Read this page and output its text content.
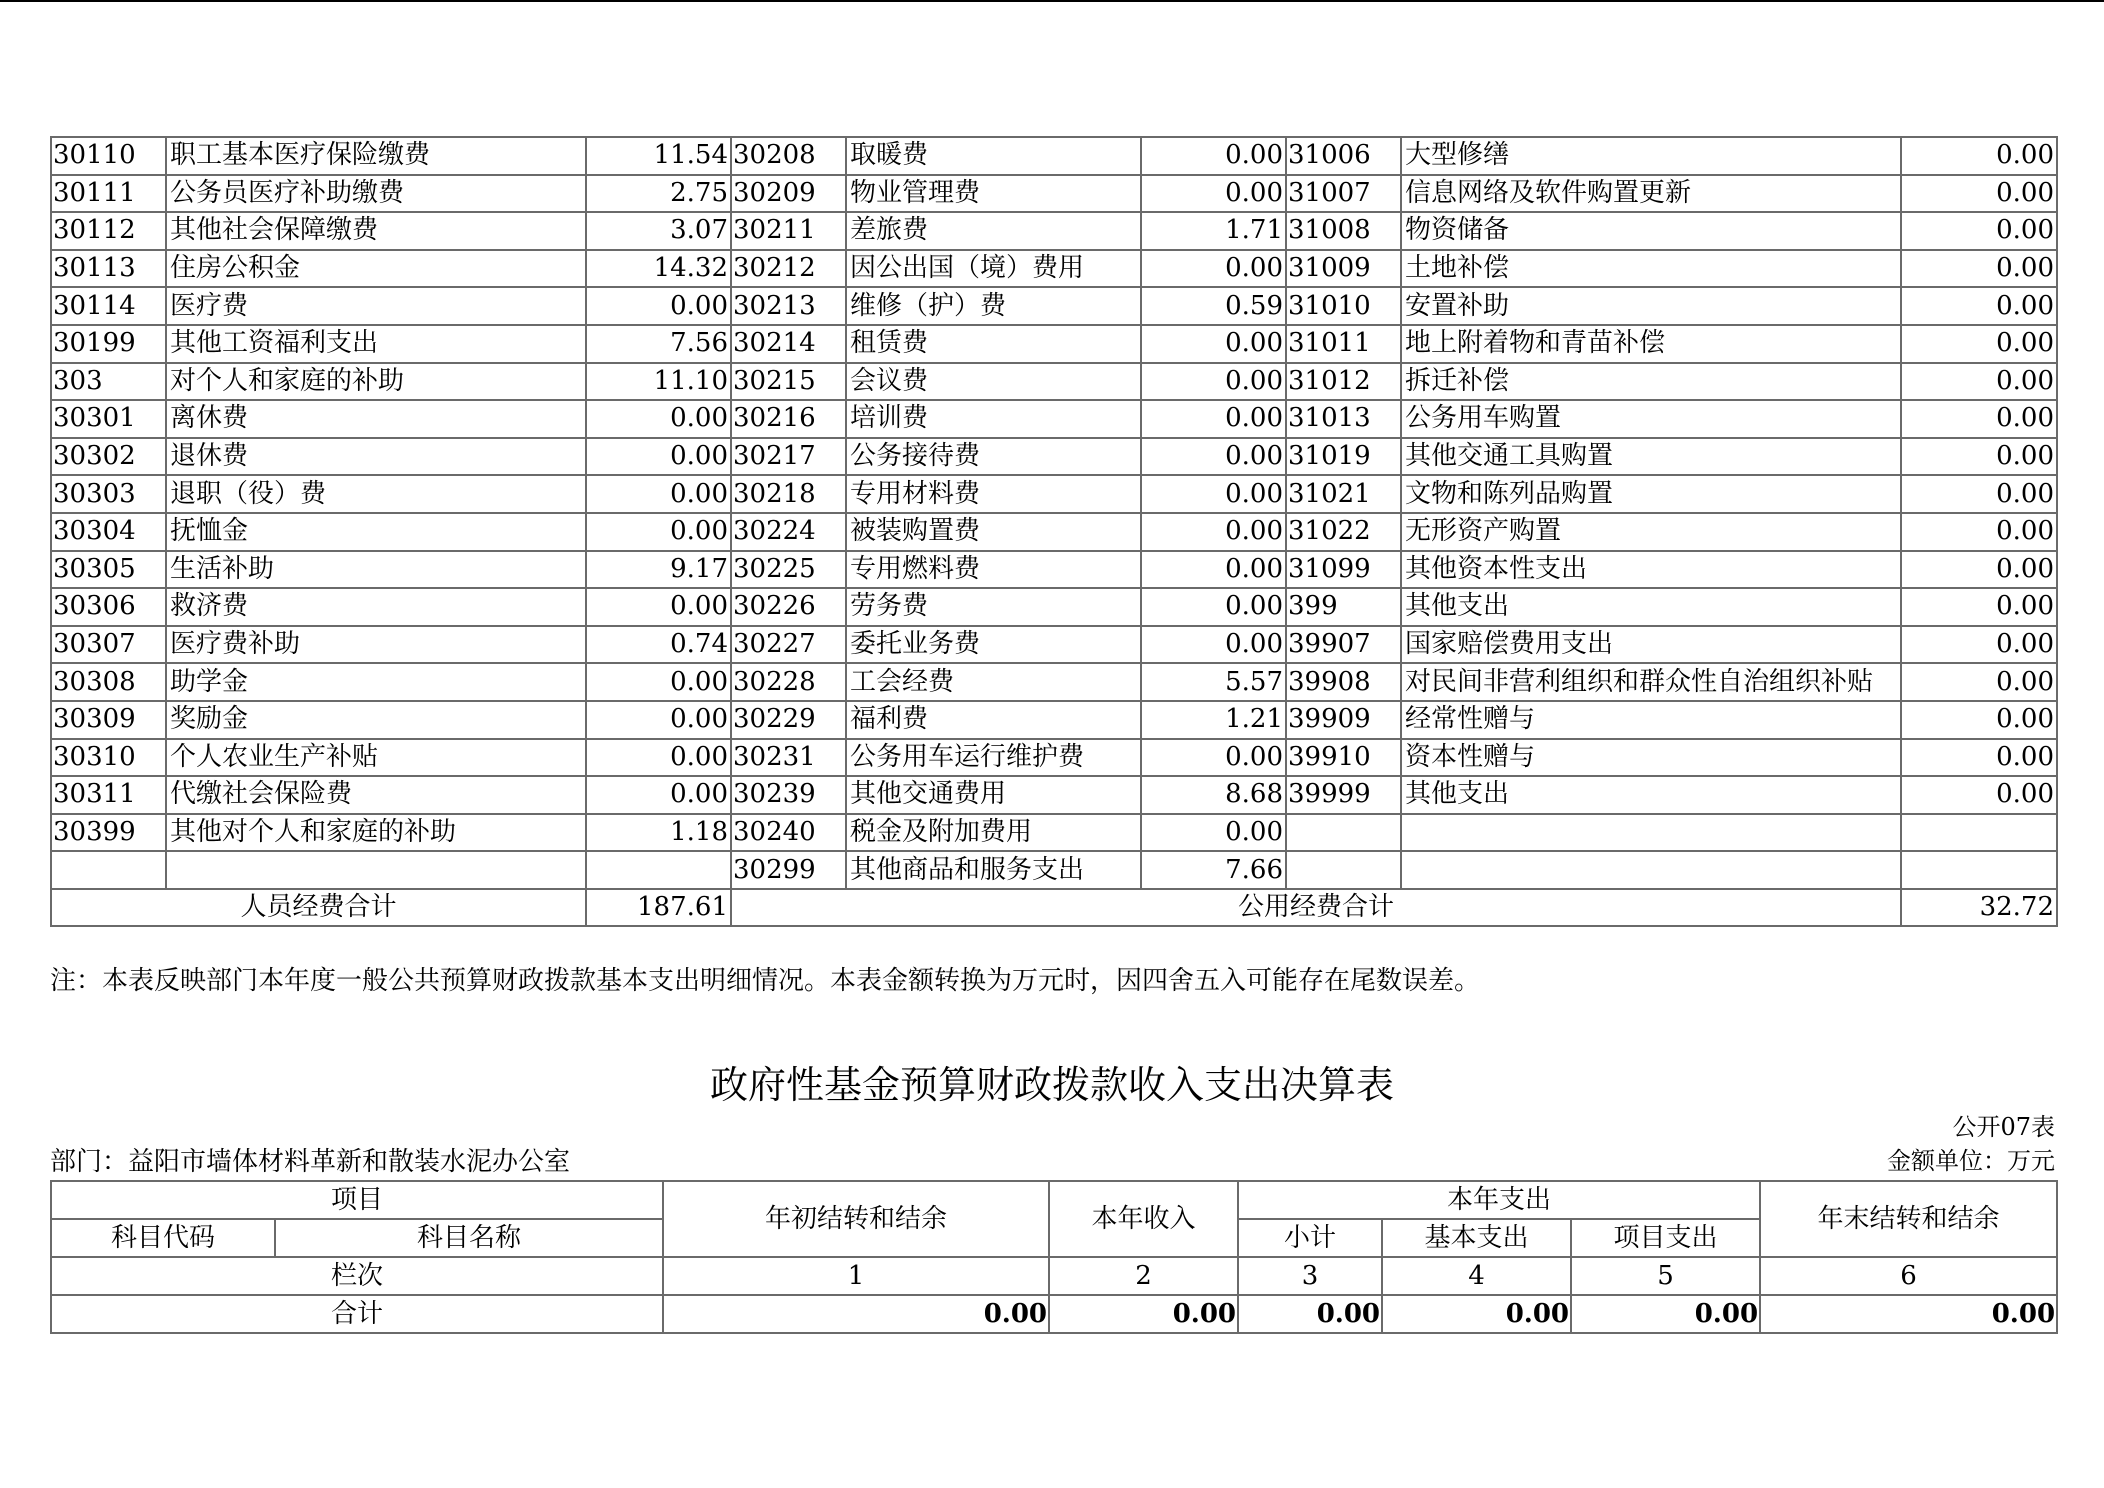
30110	职工基本医疗保险缴费	11.54	30208	取暖费	0.00	31006	大型修缮	0.00
30111	公务员医疗补助缴费	2.75	30209	物业管理费	0.00	31007	信息网络及软件购置更新	0.00
30112	其他社会保障缴费	3.07	30211	差旅费	1.71	31008	物资储备	0.00
30113	住房公积金	14.32	30212	因公出国（境）费用	0.00	31009	土地补偿	0.00
30114	医疗费	0.00	30213	维修（护）费	0.59	31010	安置补助	0.00
30199	其他工资福利支出	7.56	30214	租赁费	0.00	31011	地上附着物和青苗补偿	0.00
303	对个人和家庭的补助	11.10	30215	会议费	0.00	31012	拆迁补偿	0.00
30301	离休费	0.00	30216	培训费	0.00	31013	公务用车购置	0.00
30302	退休费	0.00	30217	公务接待费	0.00	31019	其他交通工具购置	0.00
30303	退职（役）费	0.00	30218	专用材料费	0.00	31021	文物和陈列品购置	0.00
30304	抚恤金	0.00	30224	被装购置费	0.00	31022	无形资产购置	0.00
30305	生活补助	9.17	30225	专用燃料费	0.00	31099	其他资本性支出	0.00
30306	救济费	0.00	30226	劳务费	0.00	399	其他支出	0.00
30307	医疗费补助	0.74	30227	委托业务费	0.00	39907	国家赔偿费用支出	0.00
30308	助学金	0.00	30228	工会经费	5.57	39908	对民间非营利组织和群众性自治组织补贴	0.00
30309	奖励金	0.00	30229	福利费	1.21	39909	经常性赠与	0.00
30310	个人农业生产补贴	0.00	30231	公务用车运行维护费	0.00	39910	资本性赠与	0.00
30311	代缴社会保险费	0.00	30239	其他交通费用	8.68	39999	其他支出	0.00
30399	其他对个人和家庭的补助	1.18	30240	税金及附加费用	0.00			
			30299	其他商品和服务支出	7.66			
人员经费合计		187.61	公用经费合计					32.72
注：本表反映部门本年度一般公共预算财政拨款基本支出明细情况。本表金额转换为万元时，因四舍五入可能存在尾数误差。
政府性基金预算财政拨款收入支出决算表
公开07表
部门：益阳市墙体材料革新和散装水泥办公室	金额单位：万元
项目		年初结转和结余	本年收入	本年支出			年末结转和结余
科目代码	科目名称			小计	基本支出	项目支出	
栏次		1	2	3	4	5	6
合计		0.00	0.00	0.00	0.00	0.00	0.00
